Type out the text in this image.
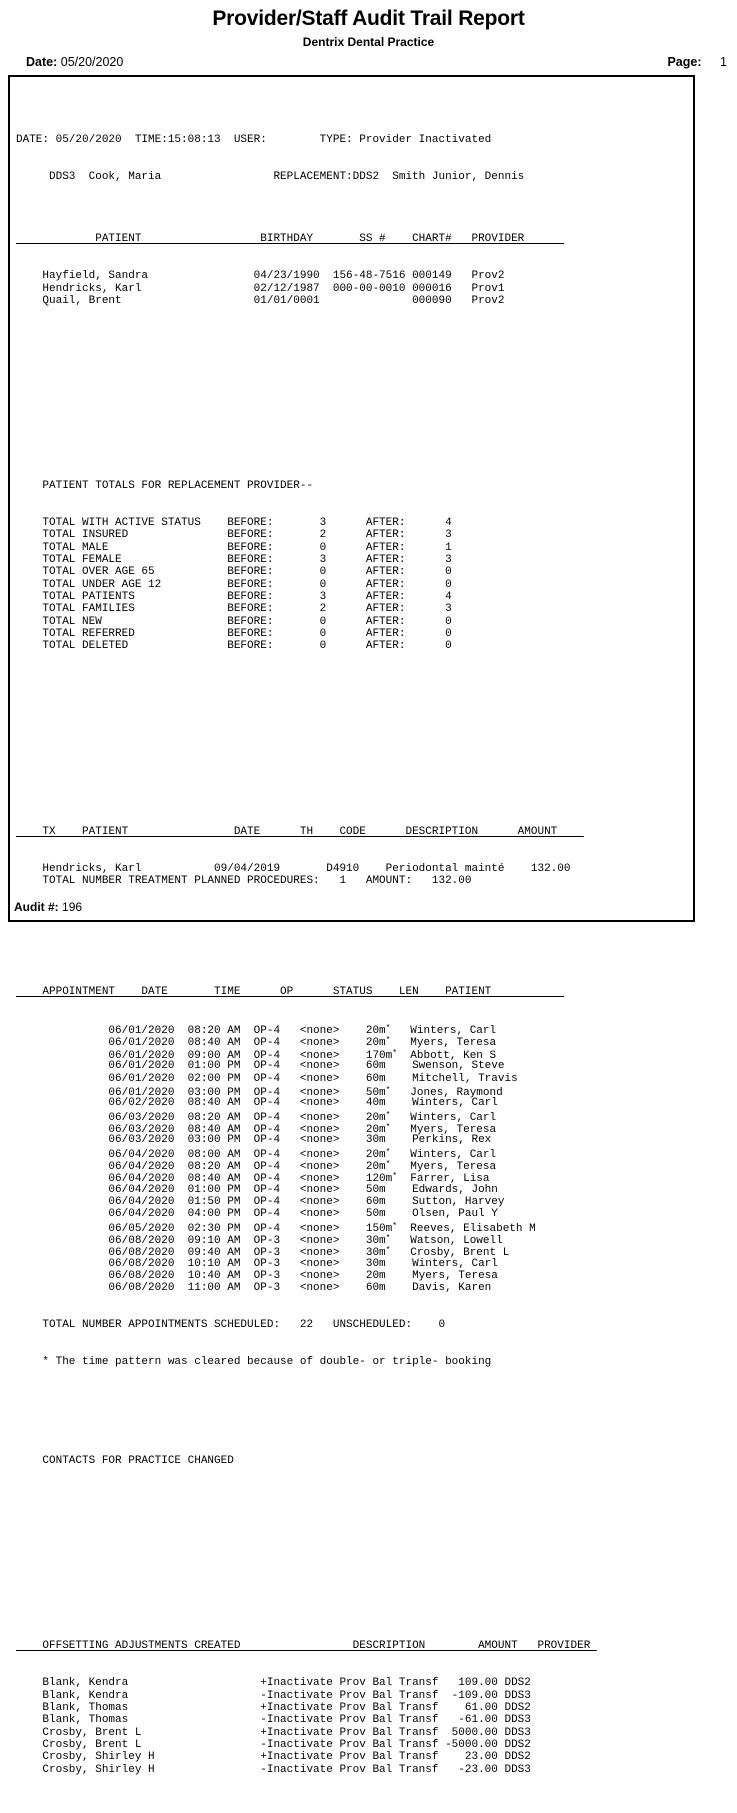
Provider/Staff Audit Trail Report
Dentrix Dental Practice
Date: 05/20/2020	Page: 1

DATE: 05/20/2020  TIME:15:08:13  USER:        TYPE: Provider Inactivated

DDS3  Cook, Maria                 REPLACEMENT:DDS2  Smith Junior, Dennis

PATIENT                  BIRTHDAY       SS #    CHART#   PROVIDER

Hayfield, Sandra                04/23/1990  156-48-7516 000149   Prov2
Hendricks, Karl                 02/12/1987  000-00-0010 000016   Prov1
Quail, Brent                    01/01/0001              000090   Prov2

PATIENT TOTALS FOR REPLACEMENT PROVIDER--

TOTAL WITH ACTIVE STATUS    BEFORE:       3      AFTER:      4
TOTAL INSURED               BEFORE:       2      AFTER:      3
TOTAL MALE                  BEFORE:       0      AFTER:      1
TOTAL FEMALE                BEFORE:       3      AFTER:      3
TOTAL OVER AGE 65           BEFORE:       0      AFTER:      0
TOTAL UNDER AGE 12          BEFORE:       0      AFTER:      0
TOTAL PATIENTS              BEFORE:       3      AFTER:      4
TOTAL FAMILIES              BEFORE:       2      AFTER:      3
TOTAL NEW                   BEFORE:       0      AFTER:      0
TOTAL REFERRED              BEFORE:       0      AFTER:      0
TOTAL DELETED               BEFORE:       0      AFTER:      0

TX    PATIENT                DATE      TH    CODE      DESCRIPTION      AMOUNT

Hendricks, Karl           09/04/2019       D4910    Periodontal mainté    132.00
TOTAL NUMBER TREATMENT PLANNED PROCEDURES:   1   AMOUNT:   132.00

APPOINTMENT    DATE       TIME      OP      STATUS    LEN    PATIENT

06/01/2020  08:20 AM  OP-4   <none>    20m*   Winters, Carl
06/01/2020  08:40 AM  OP-4   <none>    20m*   Myers, Teresa
06/01/2020  09:00 AM  OP-4   <none>    170m*  Abbott, Ken S
06/01/2020  01:00 PM  OP-4   <none>    60m    Swenson, Steve
06/01/2020  02:00 PM  OP-4   <none>    60m    Mitchell, Travis
06/01/2020  03:00 PM  OP-4   <none>    50m*   Jones, Raymond
06/02/2020  08:40 AM  OP-4   <none>    40m    Winters, Carl
06/03/2020  08:20 AM  OP-4   <none>    20m*   Winters, Carl
06/03/2020  08:40 AM  OP-4   <none>    20m*   Myers, Teresa
06/03/2020  03:00 PM  OP-4   <none>    30m    Perkins, Rex
06/04/2020  08:00 AM  OP-4   <none>    20m*   Winters, Carl
06/04/2020  08:20 AM  OP-4   <none>    20m*   Myers, Teresa
06/04/2020  08:40 AM  OP-4   <none>    120m*  Farrer, Lisa
06/04/2020  01:00 PM  OP-4   <none>    50m    Edwards, John
06/04/2020  01:50 PM  OP-4   <none>    60m    Sutton, Harvey
06/04/2020  04:00 PM  OP-4   <none>    50m    Olsen, Paul Y
06/05/2020  02:30 PM  OP-4   <none>    150m*  Reeves, Elisabeth M
06/08/2020  09:10 AM  OP-3   <none>    30m*   Watson, Lowell
06/08/2020  09:40 AM  OP-3   <none>    30m*   Crosby, Brent L
06/08/2020  10:10 AM  OP-3   <none>    30m    Winters, Carl
06/08/2020  10:40 AM  OP-3   <none>    20m    Myers, Teresa
06/08/2020  11:00 AM  OP-3   <none>    60m    Davis, Karen

TOTAL NUMBER APPOINTMENTS SCHEDULED:   22   UNSCHEDULED:    0

* The time pattern was cleared because of double- or triple- booking

CONTACTS FOR PRACTICE CHANGED

OFFSETTING ADJUSTMENTS CREATED                 DESCRIPTION        AMOUNT   PROVIDER

Blank, Kendra                    +Inactivate Prov Bal Transf   109.00 DDS2
Blank, Kendra                    -Inactivate Prov Bal Transf  -109.00 DDS3
Blank, Thomas                    +Inactivate Prov Bal Transf    61.00 DDS2
Blank, Thomas                    -Inactivate Prov Bal Transf   -61.00 DDS3
Crosby, Brent L                  +Inactivate Prov Bal Transf  5000.00 DDS3
Crosby, Brent L                  -Inactivate Prov Bal Transf -5000.00 DDS2
Crosby, Shirley H                +Inactivate Prov Bal Transf    23.00 DDS2
Crosby, Shirley H                -Inactivate Prov Bal Transf   -23.00 DDS3

Audit #: 196
